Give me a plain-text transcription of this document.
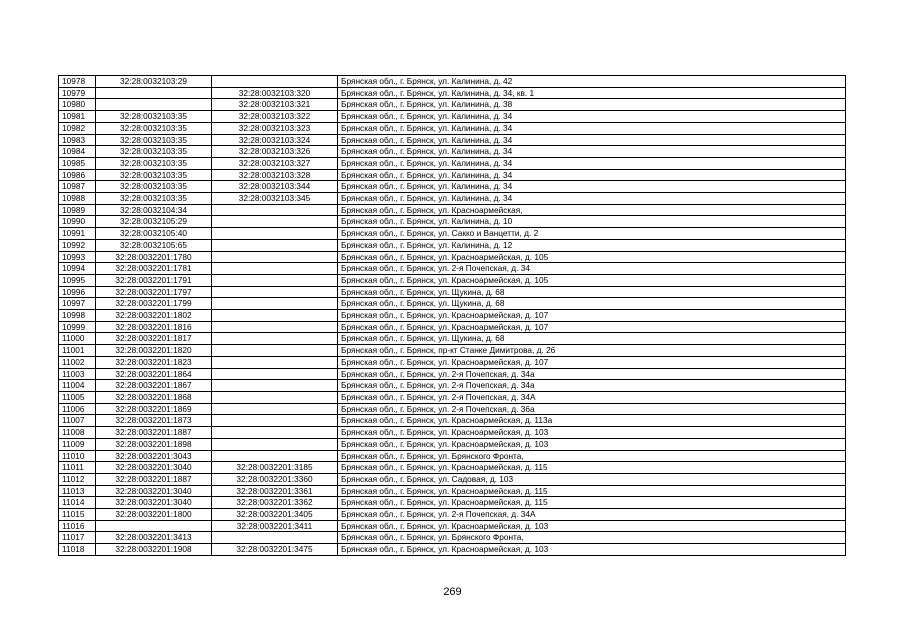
10978	32:28:0032103:29		Брянская обл., г. Брянск, ул. Калинина, д. 42
10979		32:28:0032103:320	Брянская обл., г. Брянск, ул. Калинина, д. 34, кв. 1
10980		32:28:0032103:321	Брянская обл., г. Брянск, ул. Калинина, д. 38
10981	32:28:0032103:35	32:28:0032103:322	Брянская обл., г. Брянск, ул. Калинина, д. 34
10982	32:28:0032103:35	32:28:0032103:323	Брянская обл., г. Брянск, ул. Калинина, д. 34
10983	32:28:0032103:35	32:28:0032103:324	Брянская обл., г. Брянск, ул. Калинина, д. 34
10984	32:28:0032103:35	32:28:0032103:326	Брянская обл., г. Брянск, ул. Калинина, д. 34
10985	32:28:0032103:35	32:28:0032103:327	Брянская обл., г. Брянск, ул. Калинина, д. 34
10986	32:28:0032103:35	32:28:0032103:328	Брянская обл., г. Брянск, ул. Калинина, д. 34
10987	32:28:0032103:35	32:28:0032103:344	Брянская обл., г. Брянск, ул. Калинина, д. 34
10988	32:28:0032103:35	32:28:0032103:345	Брянская обл., г. Брянск, ул. Калинина, д. 34
10989	32:28:0032104:34		Брянская обл., г. Брянск, ул. Красноармейская,
10990	32:28:0032105:29		Брянская обл., г. Брянск, ул. Калинина, д. 10
10991	32:28:0032105:40		Брянская обл., г. Брянск, ул. Сакко и Ванцетти, д. 2
10992	32:28:0032105:65		Брянская обл., г. Брянск, ул. Калинина, д. 12
10993	32:28:0032201:1780		Брянская обл., г. Брянск, ул. Красноармейская, д. 105
10994	32:28:0032201:1781		Брянская обл., г. Брянск, ул. 2-я Почепская, д. 34
10995	32:28:0032201:1791		Брянская обл., г. Брянск, ул. Красноармейская, д. 105
10996	32:28:0032201:1797		Брянская обл., г. Брянск, ул. Щукина, д. 68
10997	32:28:0032201:1799		Брянская обл., г. Брянск, ул. Щукина, д. 68
10998	32:28:0032201:1802		Брянская обл., г. Брянск, ул. Красноармейская, д. 107
10999	32:28:0032201:1816		Брянская обл., г. Брянск, ул. Красноармейская, д. 107
11000	32:28:0032201:1817		Брянская обл., г. Брянск, ул. Щукина, д. 68
11001	32:28:0032201:1820		Брянская обл., г. Брянск, пр-кт Станке Димитрова, д. 26
11002	32:28:0032201:1823		Брянская обл., г. Брянск, ул. Красноармейская, д. 107
11003	32:28:0032201:1864		Брянская обл., г. Брянск, ул. 2-я Почепская, д. 34а
11004	32:28:0032201:1867		Брянская обл., г. Брянск, ул. 2-я Почепская, д. 34а
11005	32:28:0032201:1868		Брянская обл., г. Брянск, ул. 2-я Почепская, д. 34А
11006	32:28:0032201:1869		Брянская обл., г. Брянск, ул. 2-я Почепская, д. 36а
11007	32:28:0032201:1873		Брянская обл., г. Брянск, ул. Красноармейская, д. 113а
11008	32:28:0032201:1887		Брянская обл., г. Брянск, ул. Красноармейская, д. 103
11009	32:28:0032201:1898		Брянская обл., г. Брянск, ул. Красноармейская, д. 103
11010	32:28:0032201:3043		Брянская обл., г. Брянск, ул. Брянского Фронта,
11011	32:28:0032201:3040	32:28:0032201:3185	Брянская обл., г. Брянск, ул. Красноармейская, д. 115
11012	32:28:0032201:1887	32:28:0032201:3360	Брянская обл., г. Брянск, ул. Садовая, д. 103
11013	32:28:0032201:3040	32:28:0032201:3361	Брянская обл., г. Брянск, ул. Красноармейская, д. 115
11014	32:28:0032201:3040	32:28:0032201:3362	Брянская обл., г. Брянск, ул. Красноармейская, д. 115
11015	32:28:0032201:1800	32:28:0032201:3405	Брянская обл., г. Брянск, ул. 2-я Почепская, д. 34А
11016		32:28:0032201:3411	Брянская обл., г. Брянск, ул. Красноармейская, д. 103
11017	32:28:0032201:3413		Брянская обл., г. Брянск, ул. Брянского Фронта,
11018	32:28:0032201:1908	32:28:0032201:3475	Брянская обл., г. Брянск, ул. Красноармейская, д. 103
269
